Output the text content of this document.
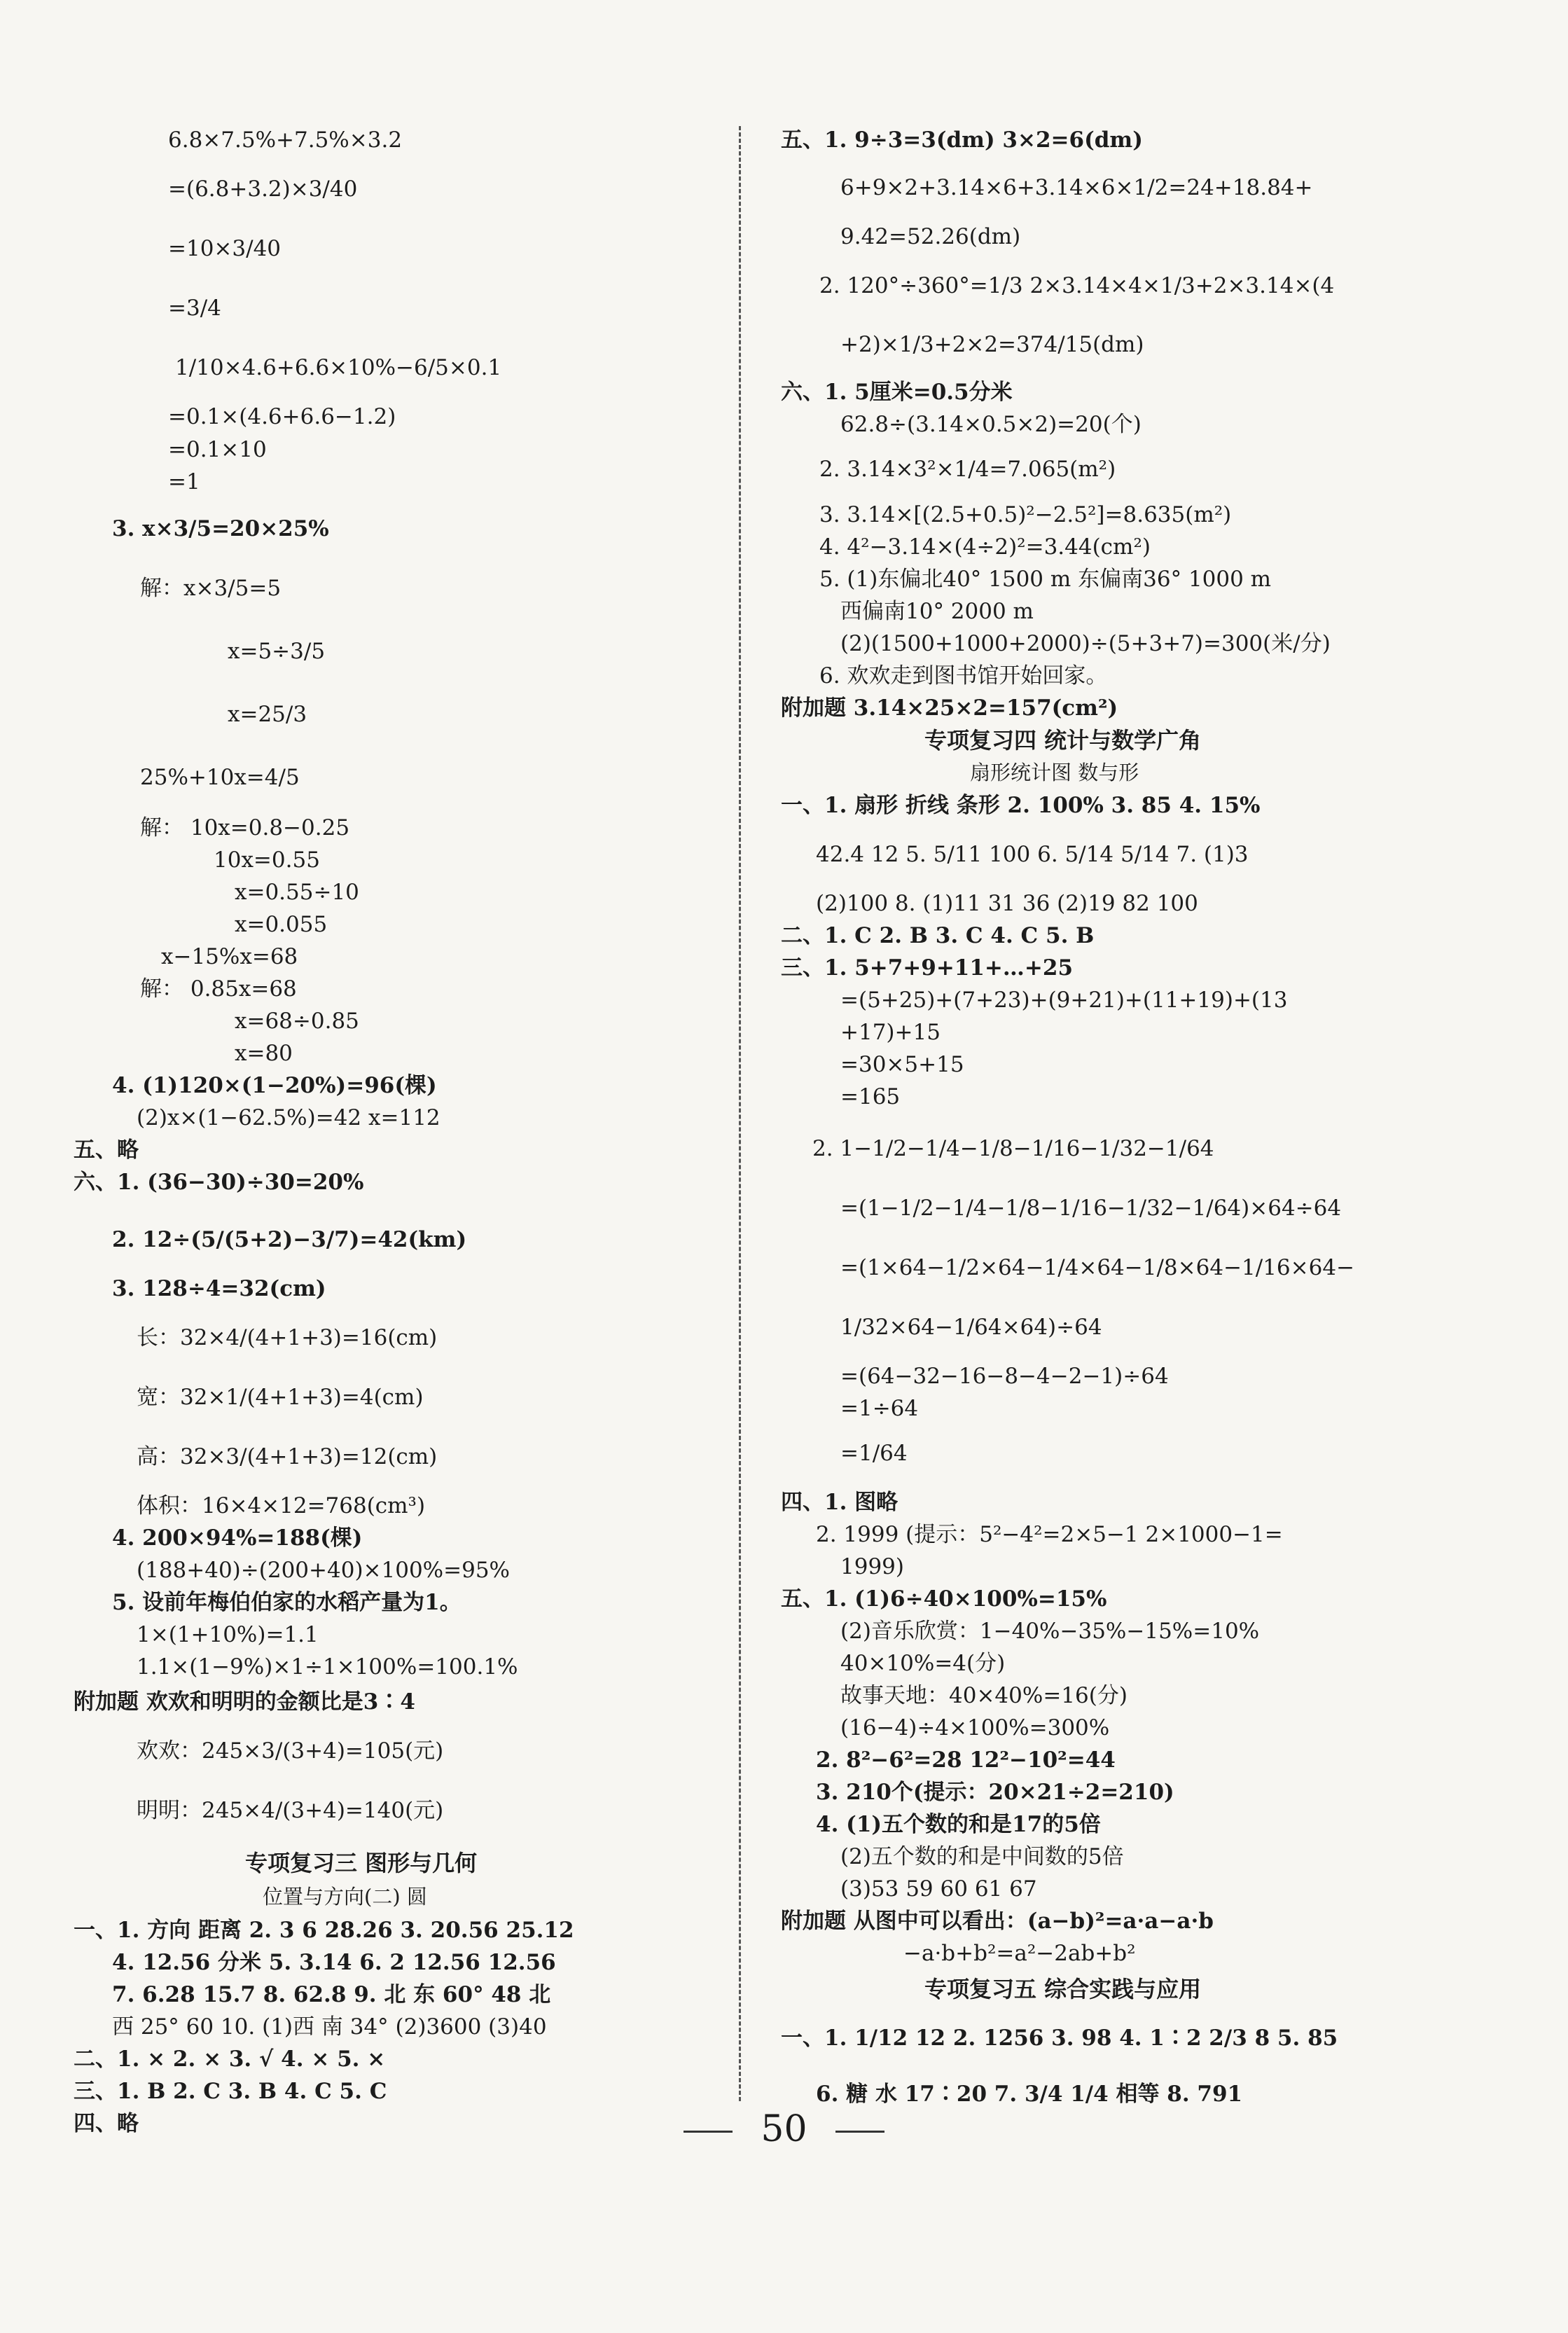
6.8×7.5%+7.5%×3.2
=(6.8+3.2)×3/40
=10×3/40
=3/4
1/10×4.6+6.6×10%−6/5×0.1
=0.1×(4.6+6.6−1.2)
=0.1×10
=1
3. x×3/5=20×25%
解：x×3/5=5
x=5÷3/5
x=25/3
25%+10x=4/5
解： 10x=0.8−0.25
10x=0.55
x=0.55÷10
x=0.055
x−15%x=68
解： 0.85x=68
x=68÷0.85
x=80
4. (1)120×(1−20%)=96(棵)
(2)x×(1−62.5%)=42 x=112
五、略
六、1. (36−30)÷30=20%
2. 12÷(5/(5+2)−3/7)=42(km)
3. 128÷4=32(cm)
长：32×4/(4+1+3)=16(cm)
宽：32×1/(4+1+3)=4(cm)
高：32×3/(4+1+3)=12(cm)
体积：16×4×12=768(cm³)
4. 200×94%=188(棵)
(188+40)÷(200+40)×100%=95%
5. 设前年梅伯伯家的水稻产量为1。
1×(1+10%)=1.1
1.1×(1−9%)×1÷1×100%=100.1%
附加题 欢欢和明明的金额比是3∶4
欢欢：245×3/(3+4)=105(元)
明明：245×4/(3+4)=140(元)
专项复习三 图形与几何
位置与方向(二) 圆
一、1. 方向 距离 2. 3 6 28.26 3. 20.56 25.12
4. 12.56 分米 5. 3.14 6. 2 12.56 12.56
7. 6.28 15.7 8. 62.8 9. 北 东 60° 48 北
西 25° 60 10. (1)西 南 34° (2)3600 (3)40
二、1. × 2. × 3. √ 4. × 5. ×
三、1. B 2. C 3. B 4. C 5. C
四、略
五、1. 9÷3=3(dm) 3×2=6(dm)
6+9×2+3.14×6+3.14×6×1/2=24+18.84+
9.42=52.26(dm)
2. 120°÷360°=1/3 2×3.14×4×1/3+2×3.14×(4
+2)×1/3+2×2=374/15(dm)
六、1. 5厘米=0.5分米
62.8÷(3.14×0.5×2)=20(个)
2. 3.14×3²×1/4=7.065(m²)
3. 3.14×[(2.5+0.5)²−2.5²]=8.635(m²)
4. 4²−3.14×(4÷2)²=3.44(cm²)
5. (1)东偏北40° 1500 m 东偏南36° 1000 m
西偏南10° 2000 m
(2)(1500+1000+2000)÷(5+3+7)=300(米/分)
6. 欢欢走到图书馆开始回家。
附加题 3.14×25×2=157(cm²)
专项复习四 统计与数学广角
扇形统计图 数与形
一、1. 扇形 折线 条形 2. 100% 3. 85 4. 15%
42.4 12 5. 5/11 100 6. 5/14 5/14 7. (1)3
(2)100 8. (1)11 31 36 (2)19 82 100
二、1. C 2. B 3. C 4. C 5. B
三、1. 5+7+9+11+…+25
=(5+25)+(7+23)+(9+21)+(11+19)+(13
+17)+15
=30×5+15
=165
2. 1−1/2−1/4−1/8−1/16−1/32−1/64
=(1−1/2−1/4−1/8−1/16−1/32−1/64)×64÷64
=(1×64−1/2×64−1/4×64−1/8×64−1/16×64−
1/32×64−1/64×64)÷64
=(64−32−16−8−4−2−1)÷64
=1÷64
=1/64
四、1. 图略
2. 1999 (提示：5²−4²=2×5−1 2×1000−1=
1999)
五、1. (1)6÷40×100%=15%
(2)音乐欣赏：1−40%−35%−15%=10%
40×10%=4(分)
故事天地：40×40%=16(分)
(16−4)÷4×100%=300%
2. 8²−6²=28 12²−10²=44
3. 210个(提示：20×21÷2=210)
4. (1)五个数的和是17的5倍
(2)五个数的和是中间数的5倍
(3)53 59 60 61 67
附加题 从图中可以看出：(a−b)²=a·a−a·b
−a·b+b²=a²−2ab+b²
专项复习五 综合实践与应用
一、1. 1/12 12 2. 1256 3. 98 4. 1∶2 2/3 8 5. 85
6. 糖 水 17∶20 7. 3/4 1/4 相等 8. 791
50
